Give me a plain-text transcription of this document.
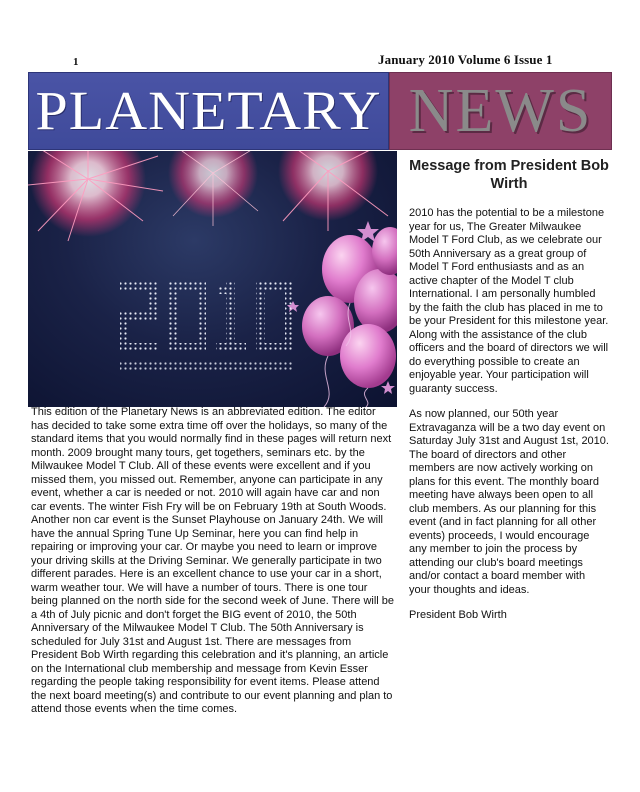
1	January 2010 Volume 6 Issue 1
PLANETARY NEWS
This edition of the Planetary News is an abbreviated edition. The editor has decided to take some extra time off over the holidays, so many of the standard items that you would normally find in these pages will return next month. 2009 brought many tours, get togethers, seminars etc. by the Milwaukee Model T Club. All of these events were excellent and if you missed them, you missed out. Remember, anyone can participate in any event, whether a car is needed or not. 2010 will again have car and non car events. The winter Fish Fry will be on February 19th at South Woods. Another non car event is the Sunset Playhouse on January 24th. We will have the annual Spring Tune Up Seminar, here you can find help in repairing or improving your car. Or maybe you need to learn or improve your driving skills at the Driving Seminar. We generally participate in two different parades. Here is an excellent chance to use your car in a short, warm weather tour. We will have a number of tours. There is one tour being planned on the north side for the second week of June. There will be a 4th of July picnic and don't forget the BIG event of 2010, the 50th Anniversary of the Milwaukee Model T Club. The 50th Anniversary is scheduled for July 31st and August 1st. There are messages from President Bob Wirth regarding this celebration and it's planning, an article on the International club membership and message from Kevin Esser regarding the people taking responsibility for event items. Please attend the next board meeting(s) and contribute to our event planning and plan to attend those events when the time comes.
Message from President Bob Wirth

2010 has the potential to be a milestone year for us, The Greater Milwaukee Model T Ford Club, as we celebrate our 50th Anniversary as a great group of Model T Ford enthusiasts and as an active chapter of the Model T club International. I am personally humbled by the faith the club has placed in me to be your President for this milestone year. Along with the assistance of the club officers and the board of directors we will do everything possible to create an enjoyable year. Your participation will guaranty success.

As now planned, our 50th year Extravaganza will be a two day event on Saturday July 31st and August 1st, 2010. The board of directors and other members are now actively working on plans for this event. The monthly board meeting have always been open to all club members. As our planning for this event (and in fact planning for all other events) proceeds, I would encourage any member to join the process by attending our club's board meetings and/or contact a board member with your thoughts and ideas.

President Bob Wirth
